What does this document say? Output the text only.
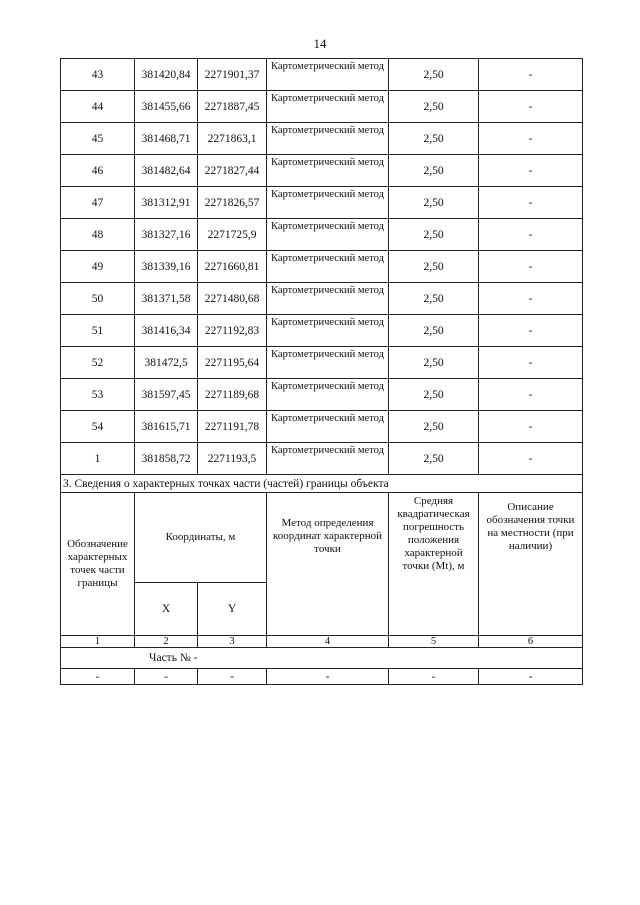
14
43	381420,84	2271901,37	Картометрический метод	2,50	-
44	381455,66	2271887,45	Картометрический метод	2,50	-
45	381468,71	2271863,1	Картометрический метод	2,50	-
46	381482,64	2271827,44	Картометрический метод	2,50	-
47	381312,91	2271826,57	Картометрический метод	2,50	-
48	381327,16	2271725,9	Картометрический метод	2,50	-
49	381339,16	2271660,81	Картометрический метод	2,50	-
50	381371,58	2271480,68	Картометрический метод	2,50	-
51	381416,34	2271192,83	Картометрический метод	2,50	-
52	381472,5	2271195,64	Картометрический метод	2,50	-
53	381597,45	2271189,68	Картометрический метод	2,50	-
54	381615,71	2271191,78	Картометрический метод	2,50	-
1	381858,72	2271193,5	Картометрический метод	2,50	-
3. Сведения о характерных точках части (частей) границы объекта					
Обозначение характерных точек части границы	Координаты, м		Метод определения координат характерной точки	Средняя квадратическая погрешность положения характерной точки (Mt), м	Описание обозначения точки на местности (при наличии)
	X	Y			
1	2	3	4	5	6
Часть № -					
-	-	-	-	-	-
